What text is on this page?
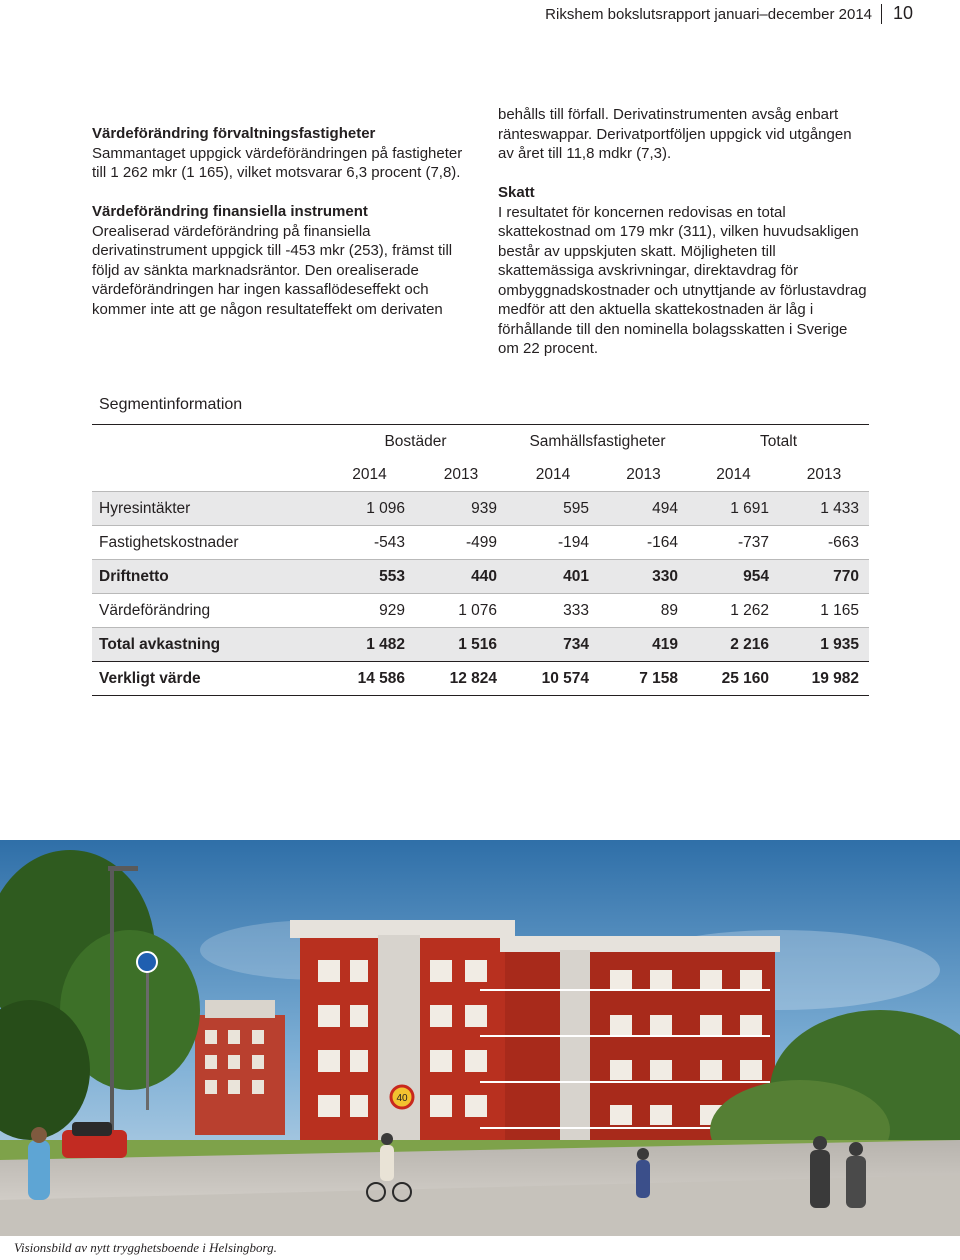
Rikshem bokslutsrapport januari–december 2014 10
Värdeförändring förvaltningsfastigheter

Sammantaget uppgick värdeförändringen på fastigheter till 1 262 mkr (1 165), vilket motsvarar 6,3 procent (7,8).

Värdeförändring finansiella instrument

Orealiserad värdeförändring på finansiella derivatinstrument uppgick till -453 mkr (253), främst till följd av sänkta marknadsräntor. Den orealiserade värdeförändringen har ingen kassaflödeseffekt och kommer inte att ge någon resultateffekt om derivaten

behålls till förfall. Derivatinstrumenten avsåg enbart ränteswappar. Derivatportföljen uppgick vid utgången av året till 11,8 mdkr (7,3).

Skatt

I resultatet för koncernen redovisas en total skattekostnad om 179 mkr (311), vilken huvudsakligen består av uppskjuten skatt. Möjligheten till skattemässiga avskrivningar, direktavdrag för ombyggnadskostnader och utnyttjande av förlustavdrag medför att den aktuella skattekostnaden är låg i förhållande till den nominella bolagsskatten i Sverige om 22 procent.

Segmentinformation
	Bostäder		Samhällsfastigheter		Totalt	
	2014	2013	2014	2013	2014	2013
Hyresintäkter	1 096	939	595	494	1 691	1 433
Fastighetskostnader	-543	-499	-194	-164	-737	-663
Driftnetto	553	440	401	330	954	770
Värdeförändring	929	1 076	333	89	1 262	1 165
Total avkastning	1 482	1 516	734	419	2 216	1 935
Verkligt värde	14 586	12 824	10 574	7 158	25 160	19 982
40
Visionsbild av nytt trygghetsboende i Helsingborg.
